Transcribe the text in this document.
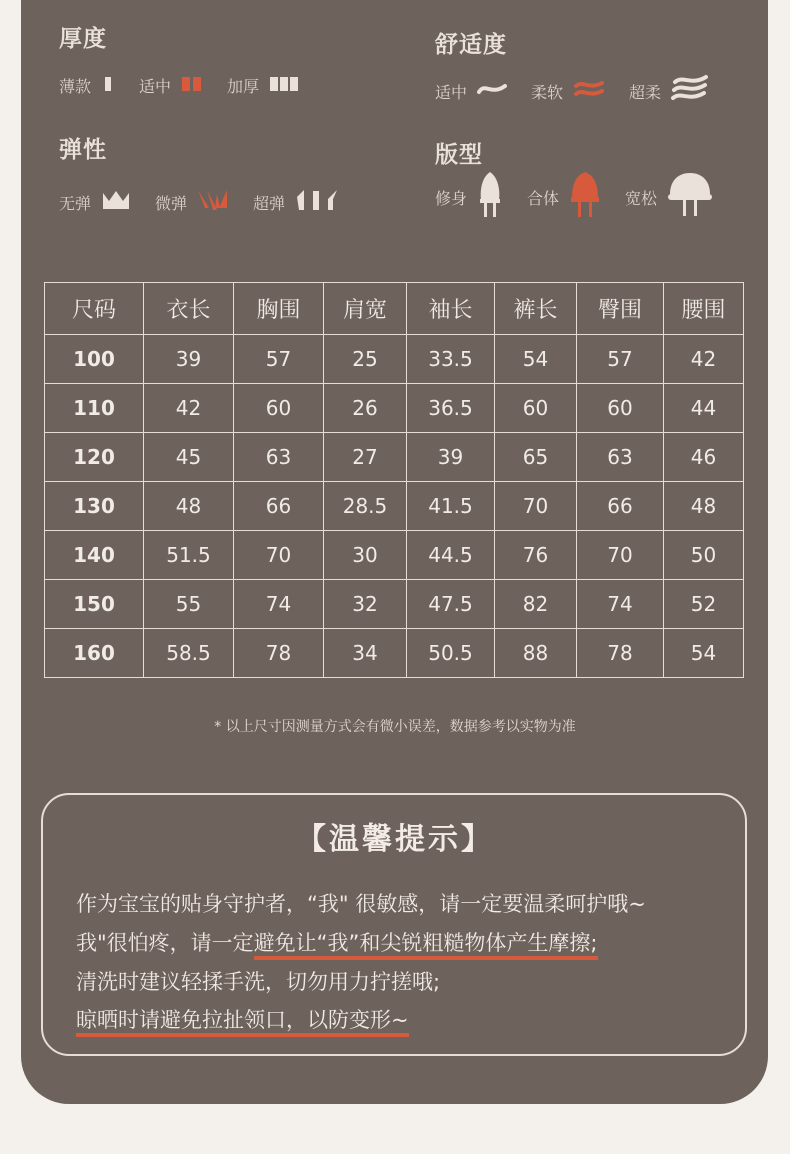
厚度
薄款	适中	加厚
舒适度
适中	柔软	超柔
弹性
无弹	微弹	超弹
版型
修身	合体	宽松
尺码	衣长	胸围	肩宽	袖长	裤长	臀围	腰围
100	39	57	25	33.5	54	57	42
110	42	60	26	36.5	60	60	44
120	45	63	27	39	65	63	46
130	48	66	28.5	41.5	70	66	48
140	51.5	70	30	44.5	76	70	50
150	55	74	32	47.5	82	74	52
160	58.5	78	34	50.5	88	78	54
* 以上尺寸因测量方式会有微小误差，数据参考以实物为准
【温馨提示】
作为宝宝的贴身守护者，“我" 很敏感，请一定要温柔呵护哦~
我"很怕疼，请一定避免让“我”和尖锐粗糙物体产生摩擦;
清洗时建议轻揉手洗，切勿用力拧搓哦;
晾晒时请避免拉扯领口，以防变形~
